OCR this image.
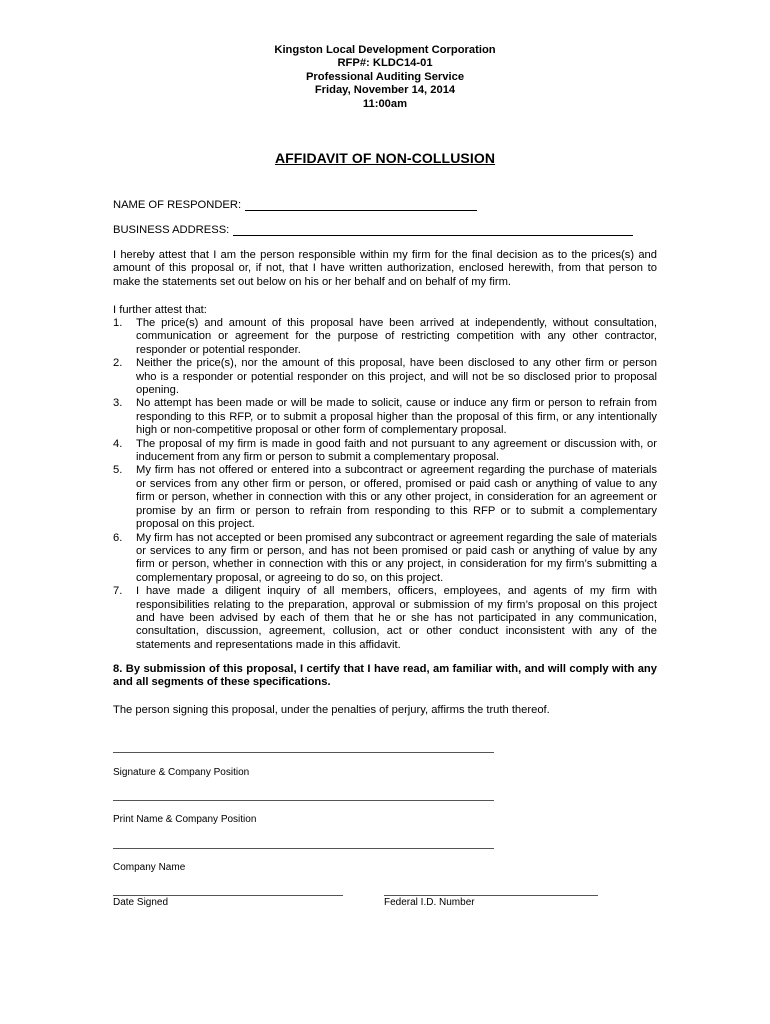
Kingston Local Development Corporation
RFP#: KLDC14-01
Professional Auditing Service
Friday, November 14, 2014
11:00am
AFFIDAVIT OF NON-COLLUSION
NAME OF RESPONDER:
BUSINESS ADDRESS:
I hereby attest that I am the person responsible within my firm for the final decision as to the prices(s) and amount of this proposal or, if not, that I have written authorization, enclosed herewith, from that person to make the statements set out below on his or her behalf and on behalf of my firm.
I further attest that:
1. The price(s) and amount of this proposal have been arrived at independently, without consultation, communication or agreement for the purpose of restricting competition with any other contractor, responder or potential responder.
2. Neither the price(s), nor the amount of this proposal, have been disclosed to any other firm or person who is a responder or potential responder on this project, and will not be so disclosed prior to proposal opening.
3. No attempt has been made or will be made to solicit, cause or induce any firm or person to refrain from responding to this RFP, or to submit a proposal higher than the proposal of this firm, or any intentionally high or non-competitive proposal or other form of complementary proposal.
4. The proposal of my firm is made in good faith and not pursuant to any agreement or discussion with, or inducement from any firm or person to submit a complementary proposal.
5. My firm has not offered or entered into a subcontract or agreement regarding the purchase of materials or services from any other firm or person, or offered, promised or paid cash or anything of value to any firm or person, whether in connection with this or any other project, in consideration for an agreement or promise by an firm or person to refrain from responding to this RFP or to submit a complementary proposal on this project.
6. My firm has not accepted or been promised any subcontract or agreement regarding the sale of materials or services to any firm or person, and has not been promised or paid cash or anything of value by any firm or person, whether in connection with this or any project, in consideration for my firm’s submitting a complementary proposal, or agreeing to do so, on this project.
7. I have made a diligent inquiry of all members, officers, employees, and agents of my firm with responsibilities relating to the preparation, approval or submission of my firm’s proposal on this project and have been advised by each of them that he or she has not participated in any communication, consultation, discussion, agreement, collusion, act or other conduct inconsistent with any of the statements and representations made in this affidavit.
8. By submission of this proposal, I certify that I have read, am familiar with, and will comply with any and all segments of these specifications.
The person signing this proposal, under the penalties of perjury, affirms the truth thereof.
Signature & Company Position
Print Name & Company Position
Company Name
Date Signed	Federal I.D. Number
